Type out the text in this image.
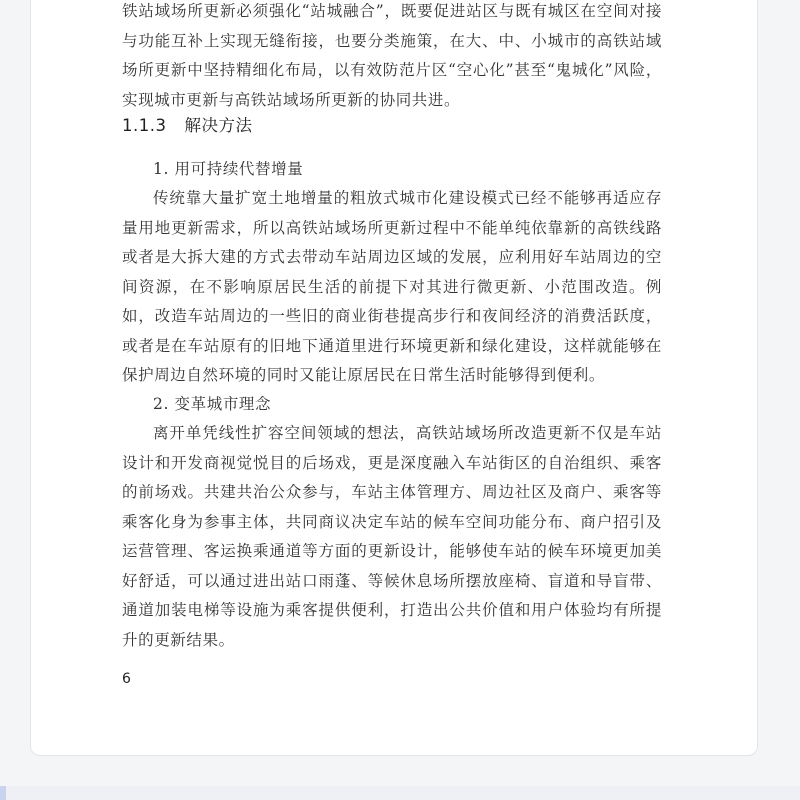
铁站域场所更新必须强化“站城融合”，既要促进站区与既有城区在空间对接与功能互补上实现无缝衔接，也要分类施策，在大、中、小城市的高铁站域场所更新中坚持精细化布局，以有效防范片区“空心化”甚至“鬼城化”风险，实现城市更新与高铁站域场所更新的协同共进。

1.1.3 解决方法

1. 用可持续代替增量

传统靠大量扩宽土地增量的粗放式城市化建设模式已经不能够再适应存量用地更新需求，所以高铁站域场所更新过程中不能单纯依靠新的高铁线路或者是大拆大建的方式去带动车站周边区域的发展，应利用好车站周边的空间资源，在不影响原居民生活的前提下对其进行微更新、小范围改造。例如，改造车站周边的一些旧的商业街巷提高步行和夜间经济的消费活跃度，或者是在车站原有的旧地下通道里进行环境更新和绿化建设，这样就能够在保护周边自然环境的同时又能让原居民在日常生活时能够得到便利。

2. 变革城市理念

离开单凭线性扩容空间领域的想法，高铁站域场所改造更新不仅是车站设计和开发商视觉悦目的后场戏，更是深度融入车站街区的自治组织、乘客的前场戏。共建共治公众参与，车站主体管理方、周边社区及商户、乘客等乘客化身为参事主体，共同商议决定车站的候车空间功能分布、商户招引及运营管理、客运换乘通道等方面的更新设计，能够使车站的候车环境更加美好舒适，可以通过进出站口雨蓬、等候休息场所摆放座椅、盲道和导盲带、通道加装电梯等设施为乘客提供便利，打造出公共价值和用户体验均有所提升的更新结果。

6
